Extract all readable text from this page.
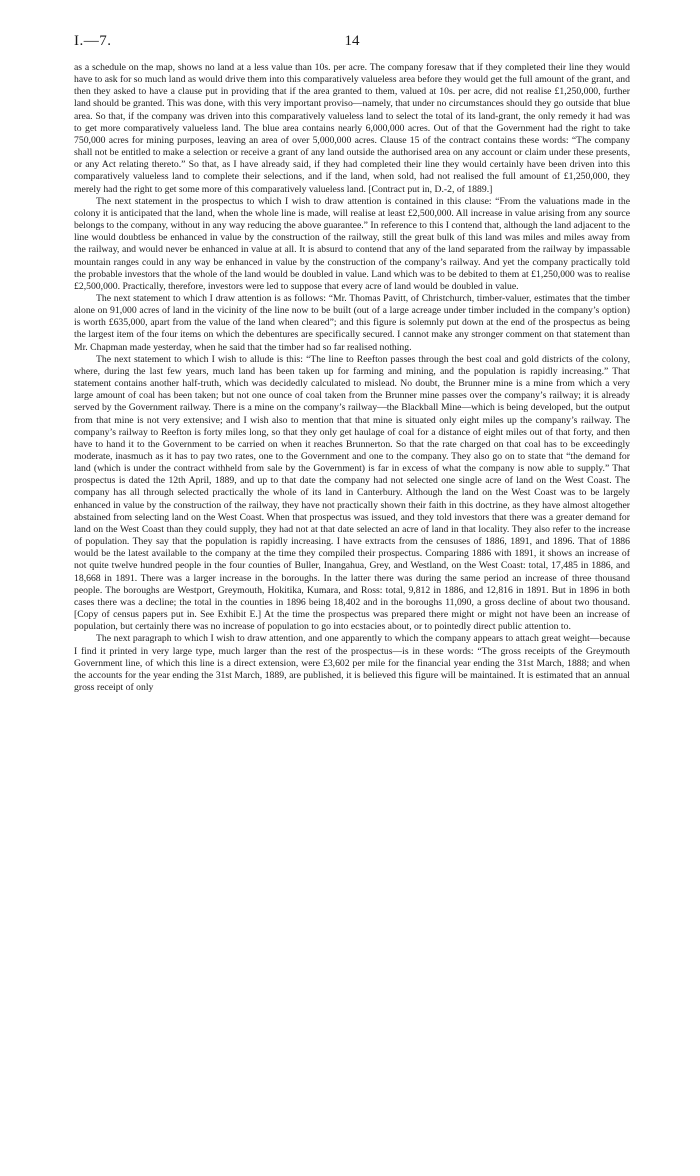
I.—7.	14

as a schedule on the map, shows no land at a less value than 10s. per acre. The company foresaw that if they completed their line they would have to ask for so much land as would drive them into this comparatively valueless area before they would get the full amount of the grant, and then they asked to have a clause put in providing that if the area granted to them, valued at 10s. per acre, did not realise £1,250,000, further land should be granted. This was done, with this very important proviso—namely, that under no circumstances should they go outside that blue area. So that, if the company was driven into this comparatively valueless land to select the total of its land-grant, the only remedy it had was to get more comparatively valueless land. The blue area contains nearly 6,000,000 acres. Out of that the Government had the right to take 750,000 acres for mining purposes, leaving an area of over 5,000,000 acres. Clause 15 of the contract contains these words: “The company shall not be entitled to make a selection or receive a grant of any land outside the authorised area on any account or claim under these presents, or any Act relating thereto.” So that, as I have already said, if they had completed their line they would certainly have been driven into this comparatively valueless land to complete their selections, and if the land, when sold, had not realised the full amount of £1,250,000, they merely had the right to get some more of this comparatively valueless land. [Contract put in, D.-2, of 1889.]

The next statement in the prospectus to which I wish to draw attention is contained in this clause: “From the valuations made in the colony it is anticipated that the land, when the whole line is made, will realise at least £2,500,000. All increase in value arising from any source belongs to the company, without in any way reducing the above guarantee.” In reference to this I contend that, although the land adjacent to the line would doubtless be enhanced in value by the construction of the railway, still the great bulk of this land was miles and miles away from the railway, and would never be enhanced in value at all. It is absurd to contend that any of the land separated from the railway by impassable mountain ranges could in any way be enhanced in value by the construction of the company’s railway. And yet the company practically told the probable investors that the whole of the land would be doubled in value. Land which was to be debited to them at £1,250,000 was to realise £2,500,000. Practically, therefore, investors were led to suppose that every acre of land would be doubled in value.

The next statement to which I draw attention is as follows: “Mr. Thomas Pavitt, of Christchurch, timber-valuer, estimates that the timber alone on 91,000 acres of land in the vicinity of the line now to be built (out of a large acreage under timber included in the company’s option) is worth £635,000, apart from the value of the land when cleared”; and this figure is solemnly put down at the end of the prospectus as being the largest item of the four items on which the debentures are specifically secured. I cannot make any stronger comment on that statement than Mr. Chapman made yesterday, when he said that the timber had so far realised nothing.

The next statement to which I wish to allude is this: “The line to Reefton passes through the best coal and gold districts of the colony, where, during the last few years, much land has been taken up for farming and mining, and the population is rapidly increasing.” That statement contains another half-truth, which was decidedly calculated to mislead. No doubt, the Brunner mine is a mine from which a very large amount of coal has been taken; but not one ounce of coal taken from the Brunner mine passes over the company’s railway; it is already served by the Government railway. There is a mine on the company’s railway—the Blackball Mine—which is being developed, but the output from that mine is not very extensive; and I wish also to mention that that mine is situated only eight miles up the company’s railway. The company’s railway to Reefton is forty miles long, so that they only get haulage of coal for a distance of eight miles out of that forty, and then have to hand it to the Government to be carried on when it reaches Brunnerton. So that the rate charged on that coal has to be exceedingly moderate, inasmuch as it has to pay two rates, one to the Government and one to the company. They also go on to state that “the demand for land (which is under the contract withheld from sale by the Government) is far in excess of what the company is now able to supply.” That prospectus is dated the 12th April, 1889, and up to that date the company had not selected one single acre of land on the West Coast. The company has all through selected practically the whole of its land in Canterbury. Although the land on the West Coast was to be largely enhanced in value by the construction of the railway, they have not practically shown their faith in this doctrine, as they have almost altogether abstained from selecting land on the West Coast. When that prospectus was issued, and they told investors that there was a greater demand for land on the West Coast than they could supply, they had not at that date selected an acre of land in that locality. They also refer to the increase of population. They say that the population is rapidly increasing. I have extracts from the censuses of 1886, 1891, and 1896. That of 1886 would be the latest available to the company at the time they compiled their prospectus. Comparing 1886 with 1891, it shows an increase of not quite twelve hundred people in the four counties of Buller, Inangahua, Grey, and Westland, on the West Coast: total, 17,485 in 1886, and 18,668 in 1891. There was a larger increase in the boroughs. In the latter there was during the same period an increase of three thousand people. The boroughs are Westport, Greymouth, Hokitika, Kumara, and Ross: total, 9,812 in 1886, and 12,816 in 1891. But in 1896 in both cases there was a decline; the total in the counties in 1896 being 18,402 and in the boroughs 11,090, a gross decline of about two thousand. [Copy of census papers put in. See Exhibit E.] At the time the prospectus was prepared there might or might not have been an increase of population, but certainly there was no increase of population to go into ecstacies about, or to pointedly direct public attention to.

The next paragraph to which I wish to draw attention, and one apparently to which the company appears to attach great weight—because I find it printed in very large type, much larger than the rest of the prospectus—is in these words: “The gross receipts of the Greymouth Government line, of which this line is a direct extension, were £3,602 per mile for the financial year ending the 31st March, 1888; and when the accounts for the year ending the 31st March, 1889, are published, it is believed this figure will be maintained. It is estimated that an annual gross receipt of only
